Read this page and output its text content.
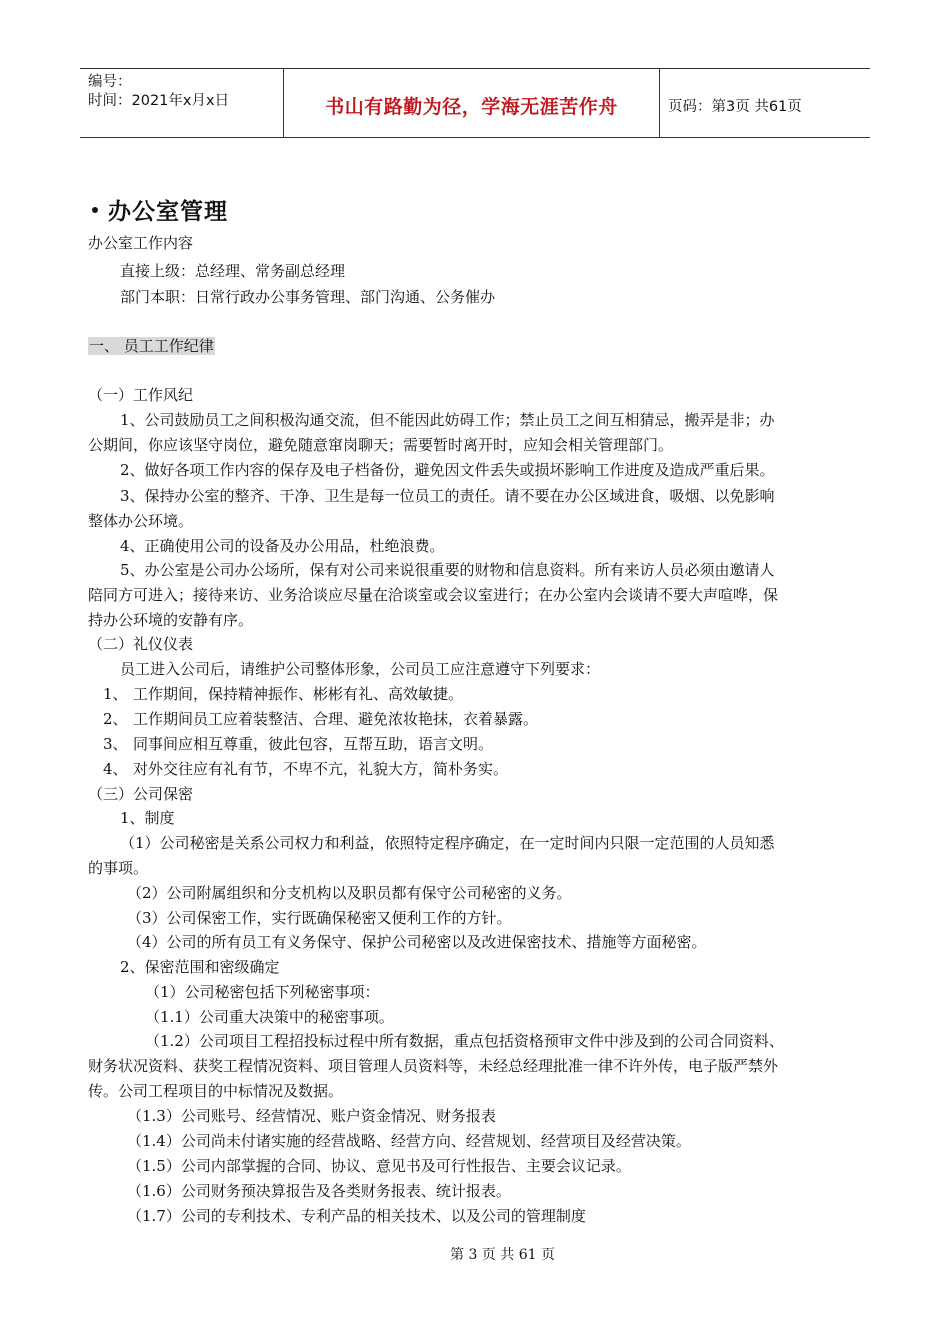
编号：
时间：2021年x月x日	书山有路勤为径，学海无涯苦作舟	页码：第3页 共61页
办公室管理
办公室工作内容
直接上级：总经理、常务副总经理
部门本职：日常行政办公事务管理、部门沟通、公务催办
一、 员工工作纪律
（一）工作风纪
1、公司鼓励员工之间积极沟通交流，但不能因此妨碍工作；禁止员工之间互相猜忌，搬弄是非；办
公期间，你应该坚守岗位，避免随意窜岗聊天；需要暂时离开时，应知会相关管理部门。
2、做好各项工作内容的保存及电子档备份，避免因文件丢失或损坏影响工作进度及造成严重后果。
3、保持办公室的整齐、干净、卫生是每一位员工的责任。请不要在办公区域进食，吸烟、以免影响
整体办公环境。
4、正确使用公司的设备及办公用品，杜绝浪费。
5、办公室是公司办公场所，保有对公司来说很重要的财物和信息资料。所有来访人员必须由邀请人
陪同方可进入；接待来访、业务洽谈应尽量在洽谈室或会议室进行；在办公室内会谈请不要大声喧哗，保
持办公环境的安静有序。
（二）礼仪仪表
员工进入公司后，请维护公司整体形象，公司员工应注意遵守下列要求：
1、 工作期间，保持精神振作、彬彬有礼、高效敏捷。
2、 工作期间员工应着装整洁、合理、避免浓妆艳抹，衣着暴露。
3、 同事间应相互尊重，彼此包容，互帮互助，语言文明。
4、 对外交往应有礼有节，不卑不亢，礼貌大方，简朴务实。
（三）公司保密
1、制度
（1）公司秘密是关系公司权力和利益，依照特定程序确定，在一定时间内只限一定范围的人员知悉
的事项。
（2）公司附属组织和分支机构以及职员都有保守公司秘密的义务。
（3）公司保密工作，实行既确保秘密又便利工作的方针。
（4）公司的所有员工有义务保守、保护公司秘密以及改进保密技术、措施等方面秘密。
2、保密范围和密级确定
（1）公司秘密包括下列秘密事项：
（1.1）公司重大决策中的秘密事项。
（1.2）公司项目工程招投标过程中所有数据，重点包括资格预审文件中涉及到的公司合同资料、
财务状况资料、获奖工程情况资料、项目管理人员资料等，未经总经理批准一律不许外传，电子版严禁外
传。公司工程项目的中标情况及数据。
（1.3）公司账号、经营情况、账户资金情况、财务报表
（1.4）公司尚未付诸实施的经营战略、经营方向、经营规划、经营项目及经营决策。
（1.5）公司内部掌握的合同、协议、意见书及可行性报告、主要会议记录。
（1.6）公司财务预决算报告及各类财务报表、统计报表。
（1.7）公司的专利技术、专利产品的相关技术、以及公司的管理制度
第 3 页 共 61 页
